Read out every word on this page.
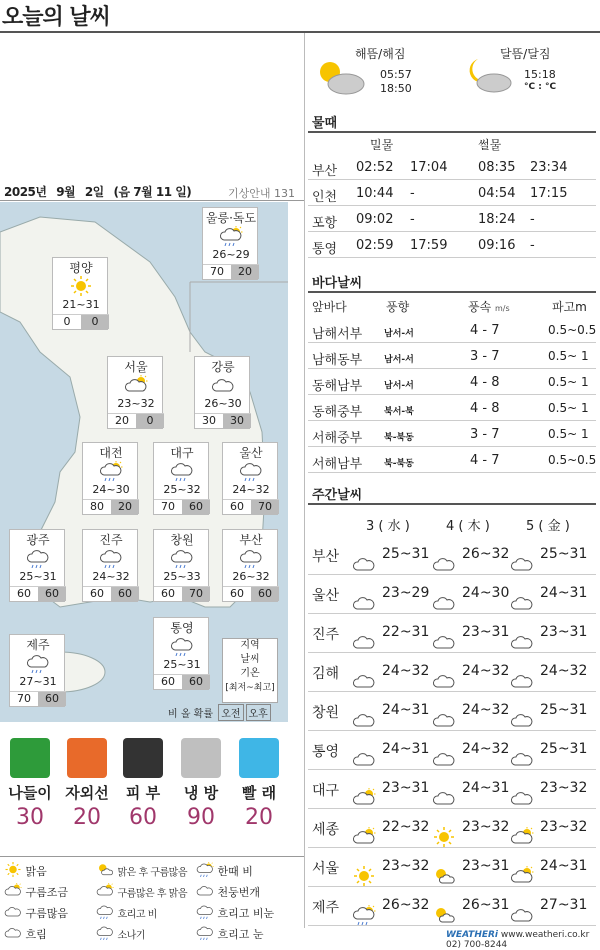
오늘의 날씨
2025년 9월 2일 (음 7월 11 일)	기상안내 131
평양
21~31
0	0
울릉·독도
26~29
70	20
서울
23~32
20	0
강릉
26~30
30	30
대전
24~30
80	20
대구
25~32
70	60
울산
24~32
60	70
광주
25~31
60	60
진주
24~32
60	60
창원
25~33
60	70
부산
26~32
60	60
통영
25~31
60	60
제주
27~31
70	60
지역
날씨
기온
[최저~최고]
비 올 확률 오전 오후
나들이
30
자외선
20
피 부
60
냉 방
90
빨 래
20
맑음
구름조금
구름많음
흐림
맑은 후 구름많음
구름많은 후 맑음
흐리고 비
소나기
한때 비
천둥번개
흐리고 비눈
흐리고 눈
해뜸/해짐	달뜸/달짐
05:57
18:50
15:18
°C : °C
물때
밀물	썰물
부산 02:52 17:04 08:35 23:34
인천 10:44 -	04:54 17:15
포항 09:02 -	18:24 -
통영 02:59 17:59 09:16 -
바다날씨
앞바다	풍향	풍속 m/s	파고m
남해서부 남서-서	4 - 7	0.5~0.5
남해동부 남서-서	3 - 7	0.5~ 1
동해남부 남서-서	4 - 8	0.5~ 1
동해중부 북서-북	4 - 8	0.5~ 1
서해중부 북-북동	3 - 7	0.5~ 1
서해남부 북-북동	4 - 7	0.5~0.5
주간날씨
3 ( 水 )	4 ( 木 )	5 ( 金 )
부산	25~31 26~32 25~31
울산	23~29 24~30 24~31
진주	22~31 23~31 23~31
김해	24~32 24~32 24~32
창원	24~31 24~32 25~31
통영	24~31 24~32 25~31
대구	23~31 24~31 23~32
세종	22~32 23~32 23~32
서울	23~32 23~31 24~31
제주	26~32 26~31 27~31
WEATHERi www.weatheri.co.kr 02) 700-8244
